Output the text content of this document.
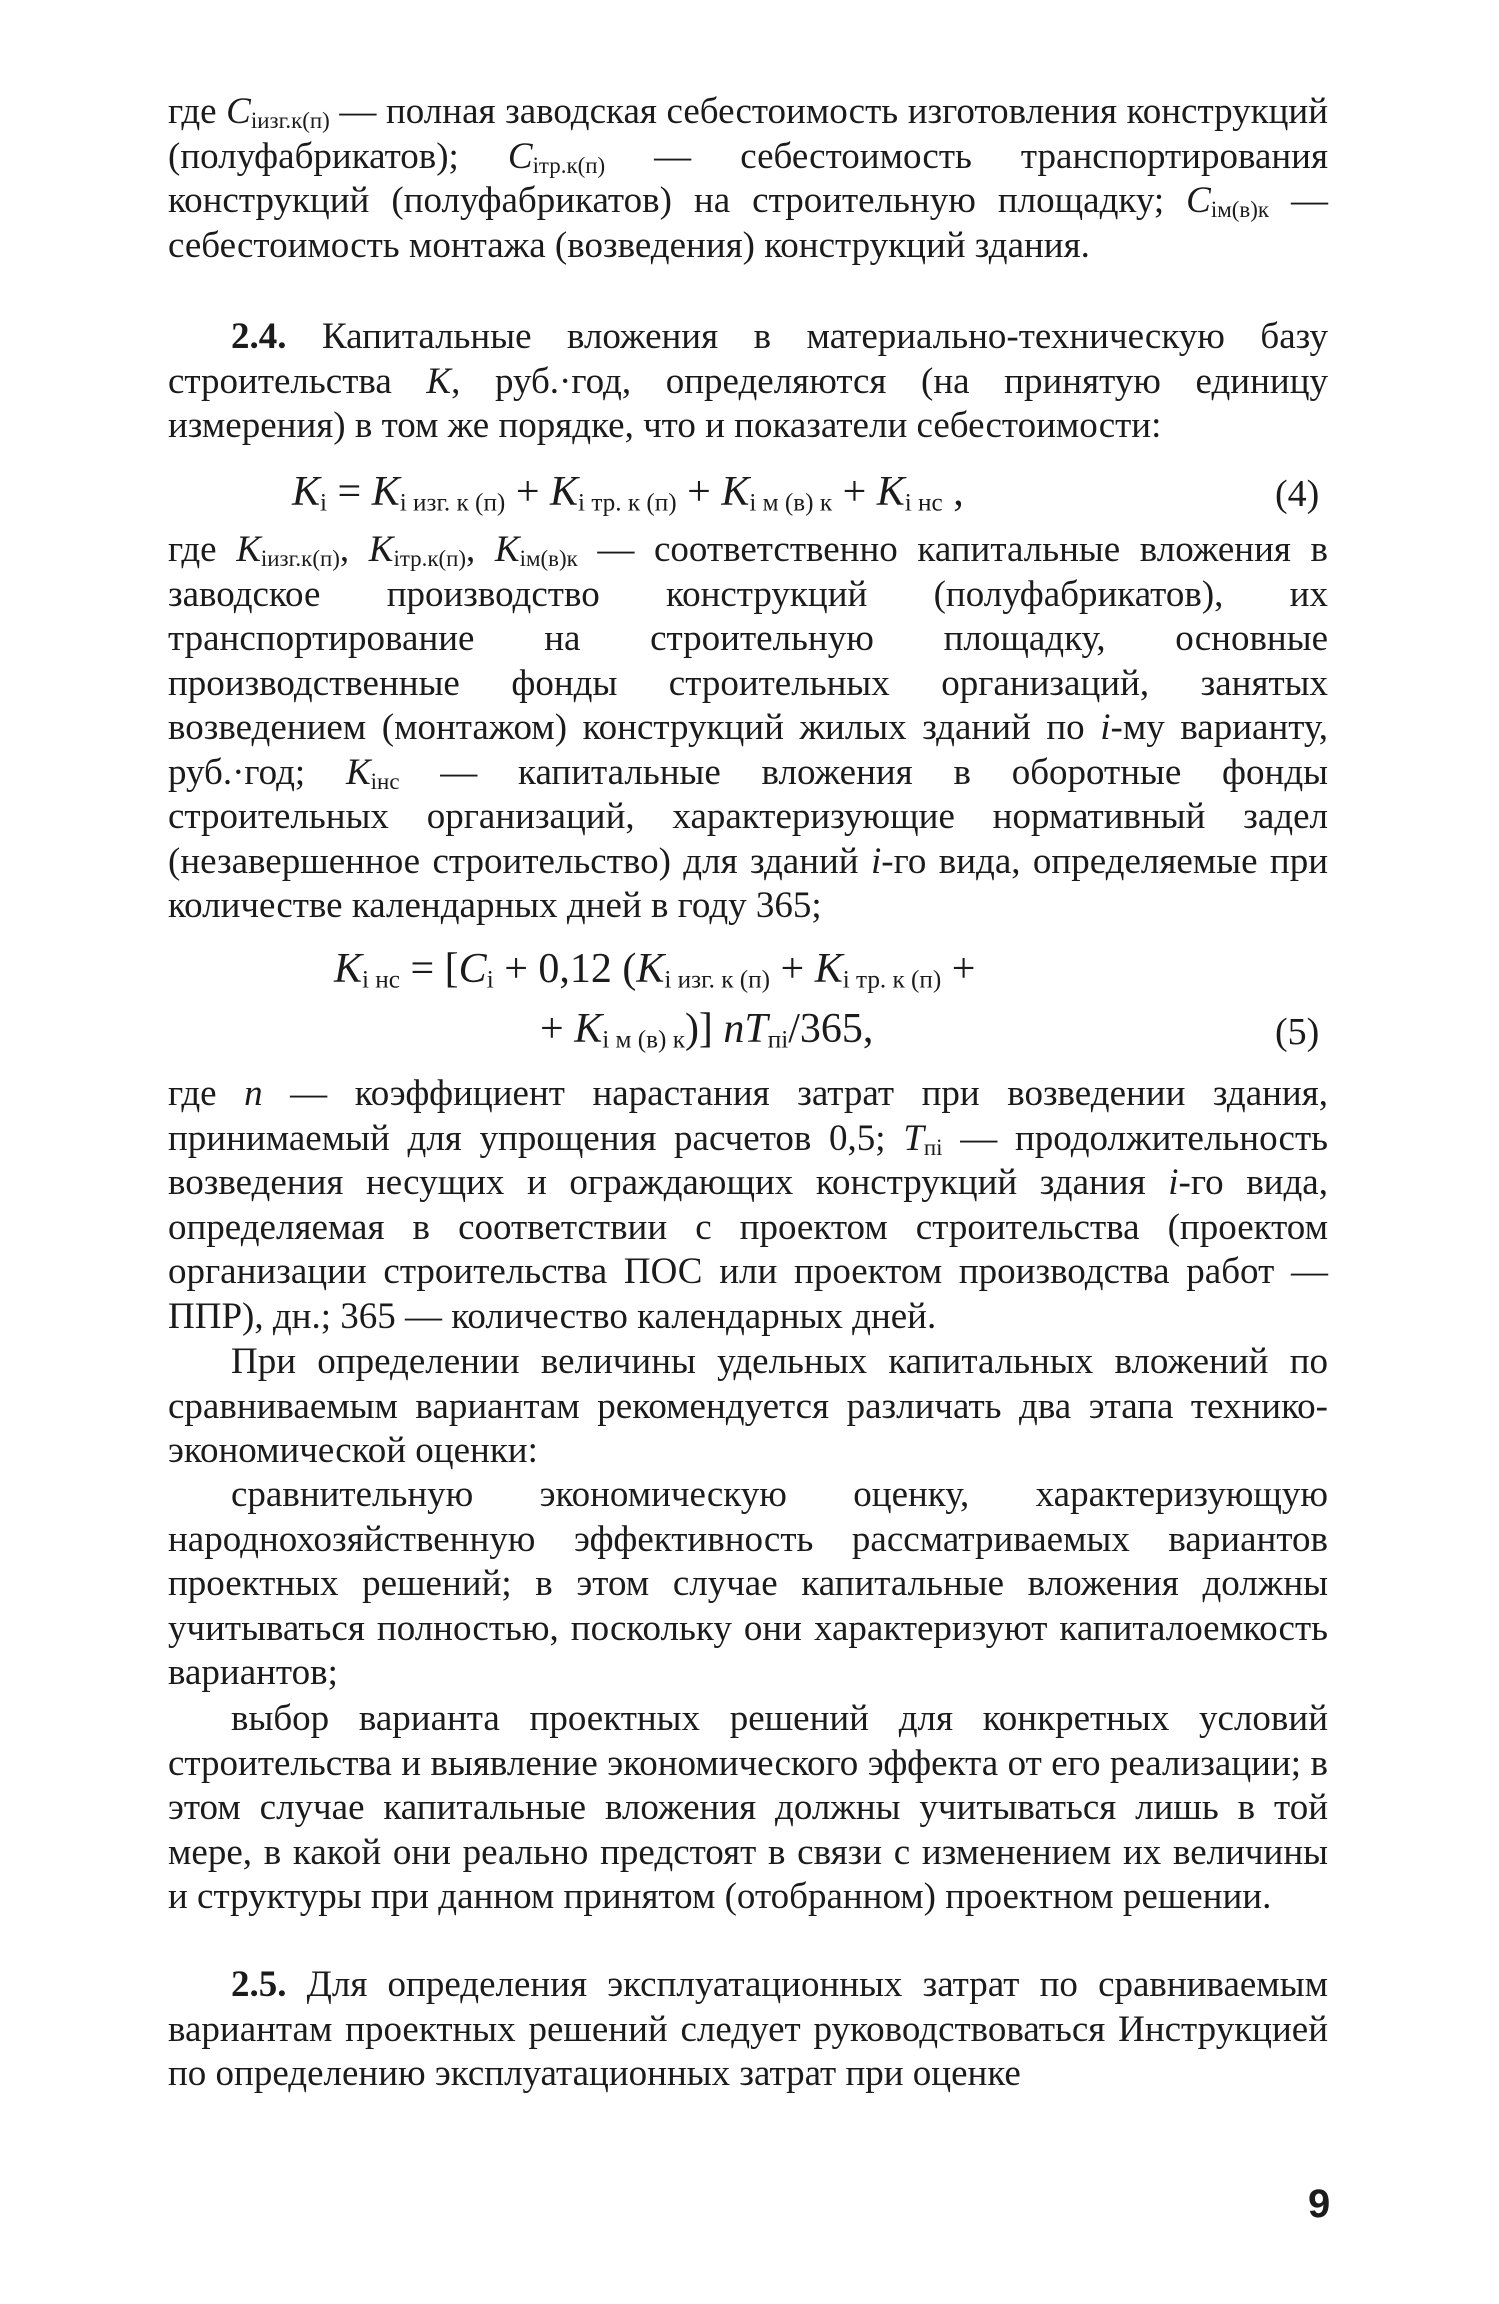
где $C_{iизг.к(п)}$ — полная заводская себестоимость изготовления конструкций (полуфабрикатов); $C_{iтр.к(п)}$ — себестоимость транспортирования конструкций (полуфабрикатов) на строительную площадку; $C_{iм(в)к}$ — себестоимость монтажа (возведения) конструкций здания.

2.4. Капитальные вложения в материально-техническую базу строительства K, руб.·год, определяются (на принятую единицу измерения) в том же порядке, что и показатели себестоимости:

$K_i = K_{i изг. к (п)} + K_{i тр. к (п)} + K_{i м (в) к} + K_{i нс}$ ,	(4)

где $K_{iизг.к(п)}$, $K_{iтр.к(п)}$, $K_{iм(в)к}$ — соответственно капитальные вложения в заводское производство конструкций (полуфабрикатов), их транспортирование на строительную площадку, основные производственные фонды строительных организаций, занятых возведением (монтажом) конструкций жилых зданий по i-му варианту, руб.·год; $K_{iнс}$ — капитальные вложения в оборотные фонды строительных организаций, характеризующие нормативный задел (незавершенное строительство) для зданий i-го вида, определяемые при количестве календарных дней в году 365;

$K_{i нс} = [C_i + 0,12$ ($K_{i изг. к (п)} + K_{i тр. к (п)}$ +
+ $K_{i м (в) к}$)] $nT_{пi}/365$,	(5)

где n — коэффициент нарастания затрат при возведении здания, принимаемый для упрощения расчетов 0,5; $T_{пi}$ — продолжительность возведения несущих и ограждающих конструкций здания i-го вида, определяемая в соответствии с проектом строительства (проектом организации строительства ПОС или проектом производства работ — ППР), дн.; 365 — количество календарных дней.

При определении величины удельных капитальных вложений по сравниваемым вариантам рекомендуется различать два этапа технико-экономической оценки:

сравнительную экономическую оценку, характеризующую народнохозяйственную эффективность рассматриваемых вариантов проектных решений; в этом случае капитальные вложения должны учитываться полностью, поскольку они характеризуют капиталоемкость вариантов;

выбор варианта проектных решений для конкретных условий строительства и выявление экономического эффекта от его реализации; в этом случае капитальные вложения должны учитываться лишь в той мере, в какой они реально предстоят в связи с изменением их величины и структуры при данном принятом (отобранном) проектном решении.

2.5. Для определения эксплуатационных затрат по сравниваемым вариантам проектных решений следует руководствоваться Инструкцией по определению эксплуатационных затрат при оценке

9
